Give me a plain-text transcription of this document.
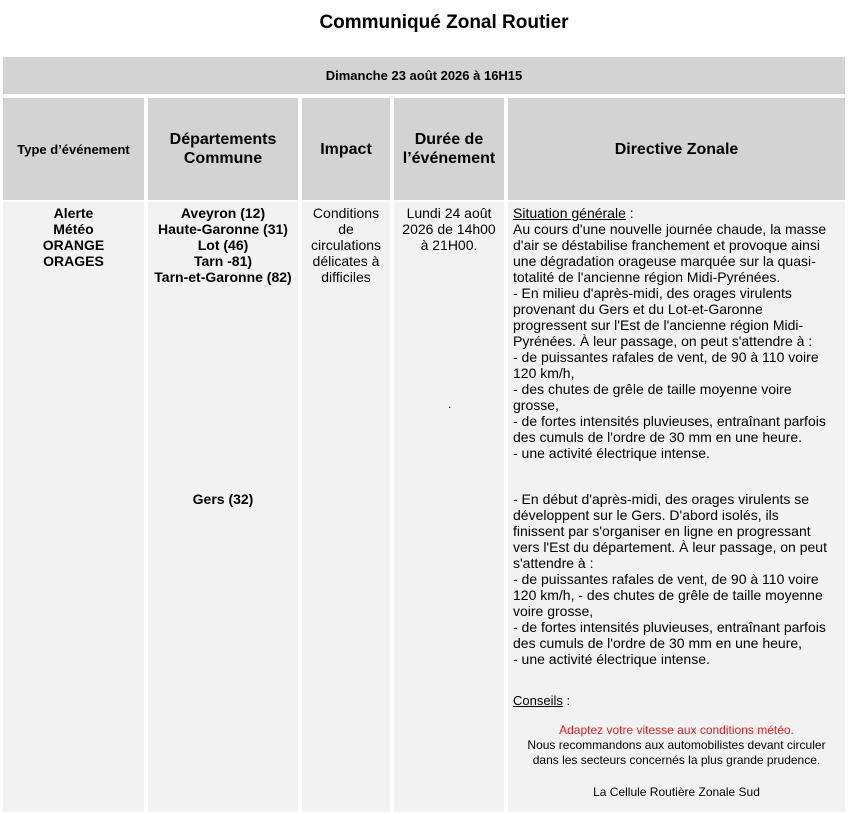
Communiqué Zonal Routier
Dimanche 23 août 2026 à 16H15
Type d’événement
Départements
Commune
Impact
Durée de
l’événement
Directive Zonale
Alerte
Météo
ORANGE
ORAGES
Aveyron (12)
Haute-Garonne (31)
Lot (46)
Tarn -81)
Tarn-et-Garonne (82)
Gers (32)
Conditions
de
circulations
délicates à
difficiles
Lundi 24 août
2026 de 14h00
à 21H00.
.
Situation générale :
Au cours d'une nouvelle journée chaude, la masse
d'air se déstabilise franchement et provoque ainsi
une dégradation orageuse marquée sur la quasi-
totalité de l'ancienne région Midi-Pyrénées.
- En milieu d'après-midi, des orages virulents
provenant du Gers et du Lot-et-Garonne
progressent sur l'Est de l'ancienne région Midi-
Pyrénées. À leur passage, on peut s'attendre à :
- de puissantes rafales de vent, de 90 à 110 voire
120 km/h,
- des chutes de grêle de taille moyenne voire
grosse,
- de fortes intensités pluvieuses, entraînant parfois
des cumuls de l'ordre de 30 mm en une heure.
- une activité électrique intense.
- En début d'après-midi, des orages virulents se
développent sur le Gers. D'abord isolés, ils
finissent par s'organiser en ligne en progressant
vers l'Est du département. À leur passage, on peut
s'attendre à :
- de puissantes rafales de vent, de 90 à 110 voire
120 km/h, - des chutes de grêle de taille moyenne
voire grosse,
- de fortes intensités pluvieuses, entraînant parfois
des cumuls de l'ordre de 30 mm en une heure,
- une activité électrique intense.
Conseils :
Adaptez votre vitesse aux conditions météo.
Nous recommandons aux automobilistes devant circuler
dans les secteurs concernés la plus grande prudence.
La Cellule Routière Zonale Sud
